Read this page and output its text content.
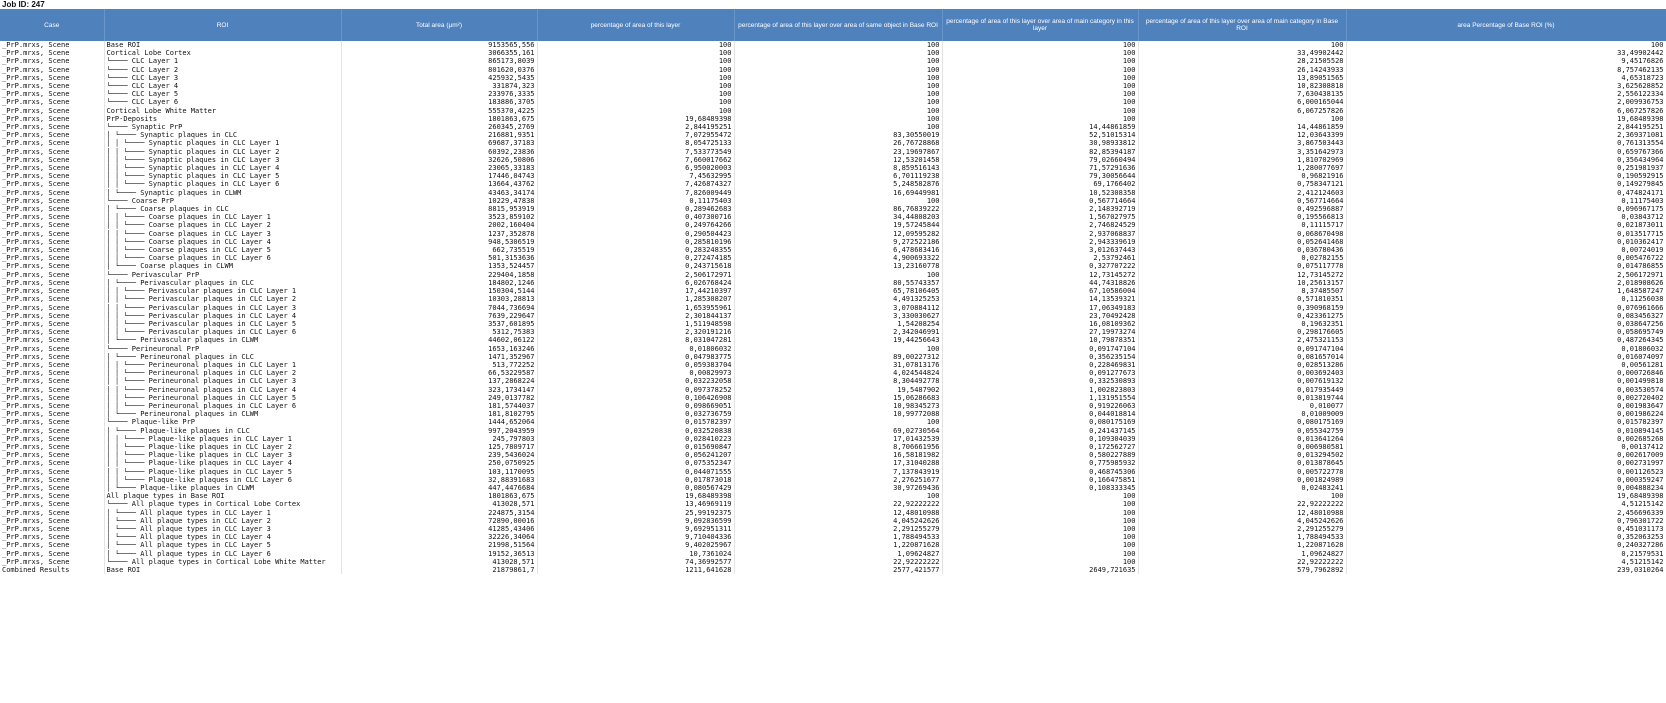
Job ID: 247
Case	ROI	Total area (μm²)	percentage of area of this layer	percentage of area of this layer over area of same object in Base ROI	percentage of area of this layer over area of main category in this layer	percentage of area of this layer over area of main category in Base ROI	area Percentage of Base ROI (%)
_PrP.mrxs, Scene	Base ROI	9153565,556	100	100	100	100	100
_PrP.mrxs, Scene	Cortical Lobe Cortex	3066355,161	100	100	100	33,49902442	33,49902442
_PrP.mrxs, Scene	└──── CLC Layer 1	865173,8039	100	100	100	28,21505528	9,45176826
_PrP.mrxs, Scene	└──── CLC Layer 2	801620,0376	100	100	100	26,14243933	8,757462135
_PrP.mrxs, Scene	└──── CLC Layer 3	425932,5435	100	100	100	13,89051565	4,65318723
_PrP.mrxs, Scene	└──── CLC Layer 4	331874,323	100	100	100	10,82308818	3,625628852
_PrP.mrxs, Scene	└──── CLC Layer 5	233976,3335	100	100	100	7,630438135	2,556122334
_PrP.mrxs, Scene	└──── CLC Layer 6	183886,3705	100	100	100	6,000165044	2,009936753
_PrP.mrxs, Scene	Cortical Lobe White Matter	555370,4225	100	100	100	6,067257826	6,067257826
_PrP.mrxs, Scene	PrP-Deposits	1801863,675	19,68489398	100	100	100	19,68489398
_PrP.mrxs, Scene	└──── Synaptic PrP	260345,2769	2,844195251	100	14,44861859	14,44861859	2,844195251
_PrP.mrxs, Scene	│ └──── Synaptic plaques in CLC	216881,9351	7,072955472	83,30550019	52,51015314	12,03643399	2,369371081
_PrP.mrxs, Scene	│ │ └──── Synaptic plaques in CLC Layer 1	69687,37183	8,054725133	26,76728868	30,98933812	3,867503443	0,761313554
_PrP.mrxs, Scene	│ │ └──── Synaptic plaques in CLC Layer 2	60392,23836	7,533773549	23,19697867	82,85394187	3,351642973	0,659767366
_PrP.mrxs, Scene	│ │ └──── Synaptic plaques in CLC Layer 3	32626,50806	7,660017662	12,53201458	79,02660494	1,810702969	0,356434964
_PrP.mrxs, Scene	│ │ └──── Synaptic plaques in CLC Layer 4	23065,33183	6,950020003	8,859516143	71,57291636	1,280077697	0,251981937
_PrP.mrxs, Scene	│ │ └──── Synaptic plaques in CLC Layer 5	17446,04743	7,45632995	6,701119238	79,30056644	0,96821916	0,190592915
_PrP.mrxs, Scene	│ │ └──── Synaptic plaques in CLC Layer 6	13664,43762	7,426874327	5,248582876	69,1766402	0,758347121	0,149279845
_PrP.mrxs, Scene	│ └──── Synaptic plaques in CLWM	43463,34174	7,826009449	16,69449981	10,52308358	2,412124603	0,474824171
_PrP.mrxs, Scene	└──── Coarse PrP	10229,47838	0,11175403	100	0,567714664	0,567714664	0,11175403
_PrP.mrxs, Scene	│ └──── Coarse plaques in CLC	8815,953919	0,289462683	86,76839222	2,148392719	0,492596887	0,096967175
_PrP.mrxs, Scene	│ │ └──── Coarse plaques in CLC Layer 1	3523,859102	0,407300716	34,44808203	1,567027975	0,195566813	0,03843712
_PrP.mrxs, Scene	│ │ └──── Coarse plaques in CLC Layer 2	2002,160404	0,249764266	19,57245844	2,746824529	0,11115717	0,021873011
_PrP.mrxs, Scene	│ │ └──── Coarse plaques in CLC Layer 3	1237,352878	0,290504423	12,09595282	2,937068837	0,068670498	0,013517715
_PrP.mrxs, Scene	│ │ └──── Coarse plaques in CLC Layer 4	948,5306519	0,285810196	9,272522186	2,943339619	0,052641468	0,010362417
_PrP.mrxs, Scene	│ │ └──── Coarse plaques in CLC Layer 5	662,735519	0,283248355	6,478683416	3,012637443	0,036780436	0,00724019
_PrP.mrxs, Scene	│ │ └──── Coarse plaques in CLC Layer 6	501,3153636	0,272474185	4,900693322	2,53792461	0,02782155	0,005476722
_PrP.mrxs, Scene	│ └──── Coarse plaques in CLWM	1353,524457	0,243715618	13,23160778	0,327707222	0,075117778	0,014786855
_PrP.mrxs, Scene	└──── Perivascular PrP	229404,1858	2,506172971	100	12,73145272	12,73145272	2,506172971
_PrP.mrxs, Scene	│ └──── Perivascular plaques in CLC	184802,1246	6,026768424	80,55743357	44,74318826	10,25613157	2,018908626
_PrP.mrxs, Scene	│ │ └──── Perivascular plaques in CLC Layer 1	150304,5144	17,44210397	65,78106405	67,10586004	8,37485507	1,648587247
_PrP.mrxs, Scene	│ │ └──── Perivascular plaques in CLC Layer 2	10303,28813	1,285308207	4,491325253	14,13539321	0,571810351	0,11256038
_PrP.mrxs, Scene	│ │ └──── Perivascular plaques in CLC Layer 3	7044,736694	1,653955961	3,070884112	17,06349183	0,390968159	0,076961666
_PrP.mrxs, Scene	│ │ └──── Perivascular plaques in CLC Layer 4	7639,229647	2,301844137	3,330030627	23,70492428	0,423361275	0,083456327
_PrP.mrxs, Scene	│ │ └──── Perivascular plaques in CLC Layer 5	3537,601895	1,511948598	1,54208254	16,08109362	0,19632351	0,038647256
_PrP.mrxs, Scene	│ │ └──── Perivascular plaques in CLC Layer 6	5312,75383	2,320191216	2,342046991	27,19973274	0,298176605	0,058695749
_PrP.mrxs, Scene	│ └──── Perivascular plaques in CLWM	44602,06122	8,031047281	19,44256643	10,79878351	2,475321153	0,487264345
_PrP.mrxs, Scene	└──── Perineuronal PrP	1653,163246	0,01806032	100	0,091747104	0,091747104	0,01806032
_PrP.mrxs, Scene	│ └──── Perineuronal plaques in CLC	1471,352967	0,047983775	89,00227312	0,356235154	0,081657014	0,016074097
_PrP.mrxs, Scene	│ │ └──── Perineuronal plaques in CLC Layer 1	513,772252	0,059383704	31,07813176	0,228469831	0,028513286	0,00561281
_PrP.mrxs, Scene	│ │ └──── Perineuronal plaques in CLC Layer 2	66,53229587	0,00829973	4,024544824	0,091277673	0,003692403	0,000726846
_PrP.mrxs, Scene	│ │ └──── Perineuronal plaques in CLC Layer 3	137,2868224	0,032232058	8,304492778	0,332530893	0,007619132	0,001499818
_PrP.mrxs, Scene	│ │ └──── Perineuronal plaques in CLC Layer 4	323,1734147	0,097378252	19,5487902	1,002823803	0,017935449	0,003530574
_PrP.mrxs, Scene	│ │ └──── Perineuronal plaques in CLC Layer 5	249,0137782	0,106426908	15,06286683	1,131951554	0,013819744	0,002720402
_PrP.mrxs, Scene	│ │ └──── Perineuronal plaques in CLC Layer 6	181,5744037	0,098669051	10,98345273	0,919226063	0,010077	0,001983647
_PrP.mrxs, Scene	│ └──── Perineuronal plaques in CLWM	181,8102795	0,032736759	10,99772088	0,044018814	0,01009009	0,001986224
_PrP.mrxs, Scene	└──── Plaque-like PrP	1444,652064	0,015782397	100	0,080175169	0,080175169	0,015782397
_PrP.mrxs, Scene	│ └──── Plaque-like plaques in CLC	997,2043959	0,032520838	69,02730564	0,241437145	0,055342759	0,010894145
_PrP.mrxs, Scene	│ │ └──── Plaque-like plaques in CLC Layer 1	245,797803	0,028410223	17,01432539	0,109304039	0,013641264	0,002685268
_PrP.mrxs, Scene	│ │ └──── Plaque-like plaques in CLC Layer 2	125,7809717	0,015690847	8,706661956	0,172562727	0,006980581	0,00137412
_PrP.mrxs, Scene	│ │ └──── Plaque-like plaques in CLC Layer 3	239,5436024	0,056241207	16,58181982	0,580227889	0,013294502	0,002617009
_PrP.mrxs, Scene	│ │ └──── Plaque-like plaques in CLC Layer 4	250,0750925	0,075352347	17,31040288	0,775985932	0,013878645	0,002731997
_PrP.mrxs, Scene	│ │ └──── Plaque-like plaques in CLC Layer 5	103,1170095	0,044071555	7,137843919	0,468745306	0,005722778	0,001126523
_PrP.mrxs, Scene	│ │ └──── Plaque-like plaques in CLC Layer 6	32,88391683	0,017873018	2,276251677	0,166475851	0,001824989	0,000359247
_PrP.mrxs, Scene	│ └──── Plaque-like plaques in CLWM	447,4476684	0,080567429	30,97269436	0,108333345	0,02483241	0,004888234
_PrP.mrxs, Scene	All plaque types in Base ROI	1801863,675	19,68489398	100	100	100	19,68489398
_PrP.mrxs, Scene	└──── All plaque types in Cortical Lobe Cortex	413028,571	13,46969119	22,92222222	100	22,92222222	4,51215142
_PrP.mrxs, Scene	│ └──── All plaque types in CLC Layer 1	224875,3154	25,99192375	12,48010988	100	12,48010988	2,456696339
_PrP.mrxs, Scene	│ └──── All plaque types in CLC Layer 2	72890,00016	9,092836599	4,045242626	100	4,045242626	0,796301722
_PrP.mrxs, Scene	│ └──── All plaque types in CLC Layer 3	41285,43406	9,692951311	2,291255279	100	2,291255279	0,451031173
_PrP.mrxs, Scene	│ └──── All plaque types in CLC Layer 4	32226,34064	9,710404336	1,788494533	100	1,788494533	0,352063253
_PrP.mrxs, Scene	│ └──── All plaque types in CLC Layer 5	21998,51564	9,402025967	1,220871628	100	1,220871628	0,240327286
_PrP.mrxs, Scene	│ └──── All plaque types in CLC Layer 6	19152,36513	10,7361024	1,09624827	100	1,09624827	0,21579531
_PrP.mrxs, Scene	└──── All plaque types in Cortical Lobe White Matter	413028,571	74,36992577	22,92222222	100	22,92222222	4,51215142
Combined Results	Base ROI	21879861,7	1211,641628	2577,421577	2649,721635	579,7962892	239,0310264
